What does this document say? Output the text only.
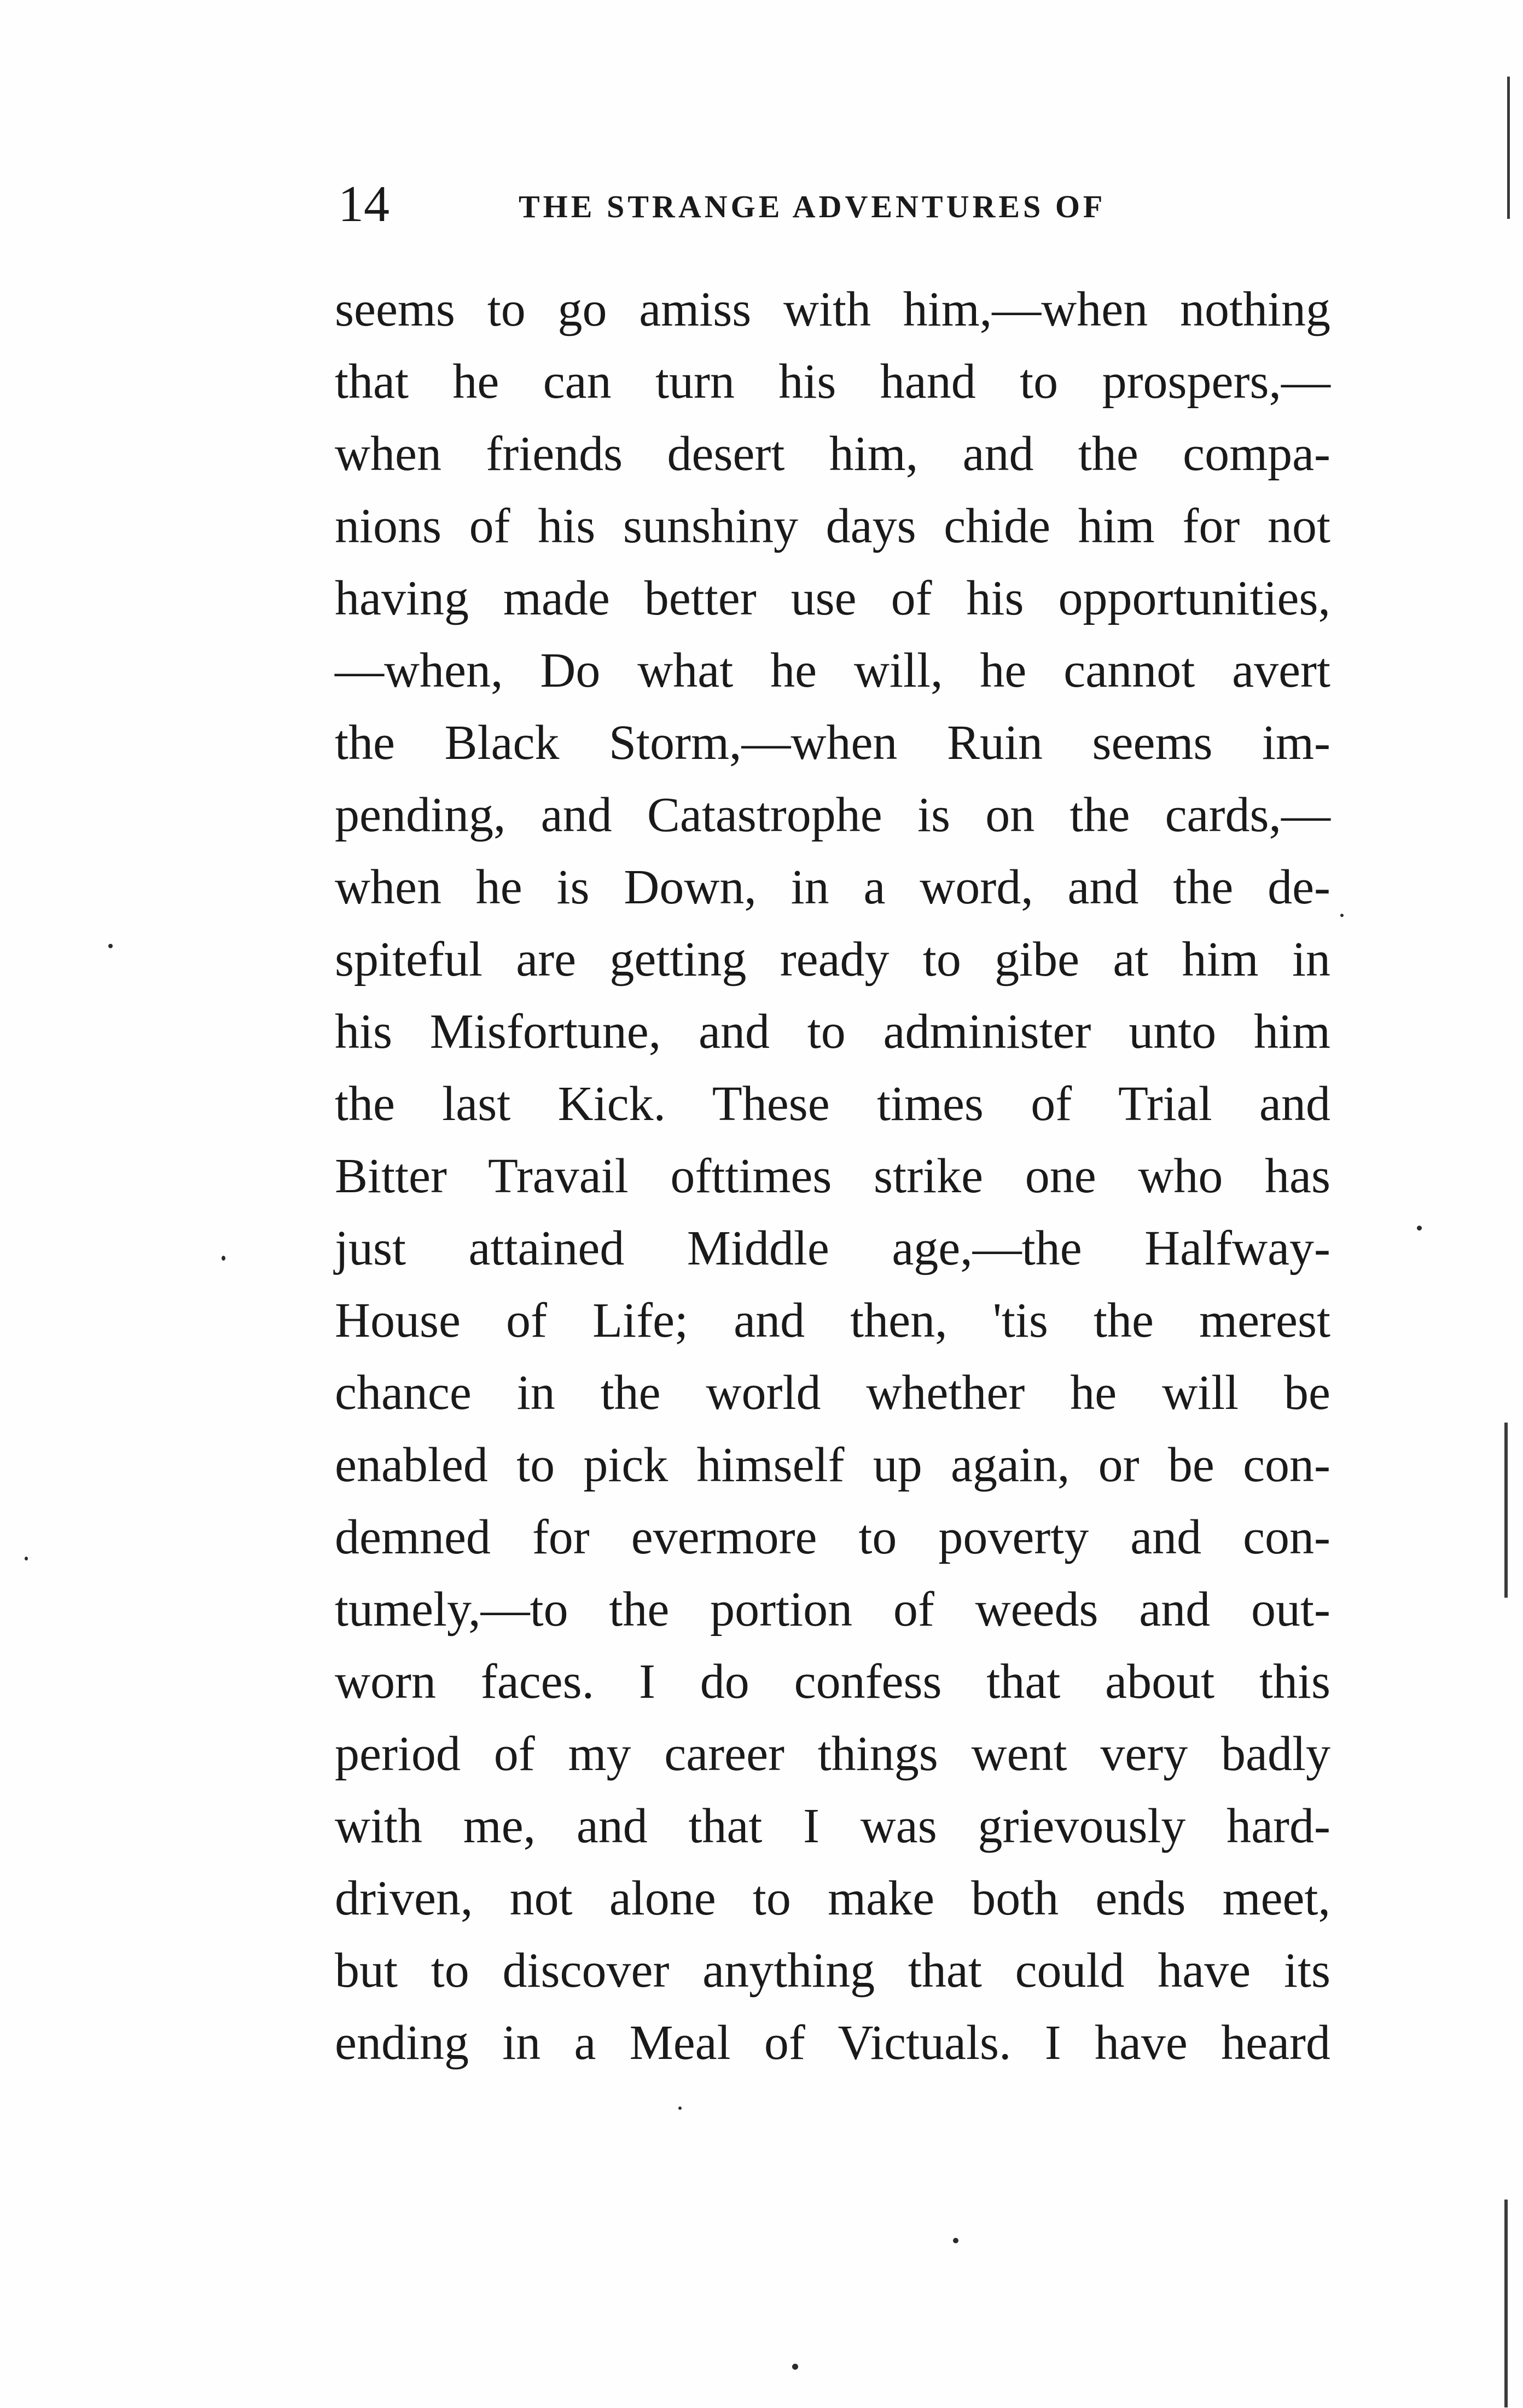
14	THE STRANGE ADVENTURES OF
seems to go amiss with him,—when nothing
that he can turn his hand to prospers,—
when friends desert him, and the compa-
nions of his sunshiny days chide him for not
having made better use of his opportunities,
—when, Do what he will, he cannot avert
the Black Storm,—when Ruin seems im-
pending, and Catastrophe is on the cards,—
when he is Down, in a word, and the de-
spiteful are getting ready to gibe at him in
his Misfortune, and to administer unto him
the last Kick. These times of Trial and
Bitter Travail ofttimes strike one who has
just attained Middle age,—the Halfway-
House of Life; and then, 'tis the merest
chance in the world whether he will be
enabled to pick himself up again, or be con-
demned for evermore to poverty and con-
tumely,—to the portion of weeds and out-
worn faces. I do confess that about this
period of my career things went very badly
with me, and that I was grievously hard-
driven, not alone to make both ends meet,
but to discover anything that could have its
ending in a Meal of Victuals. I have heard
